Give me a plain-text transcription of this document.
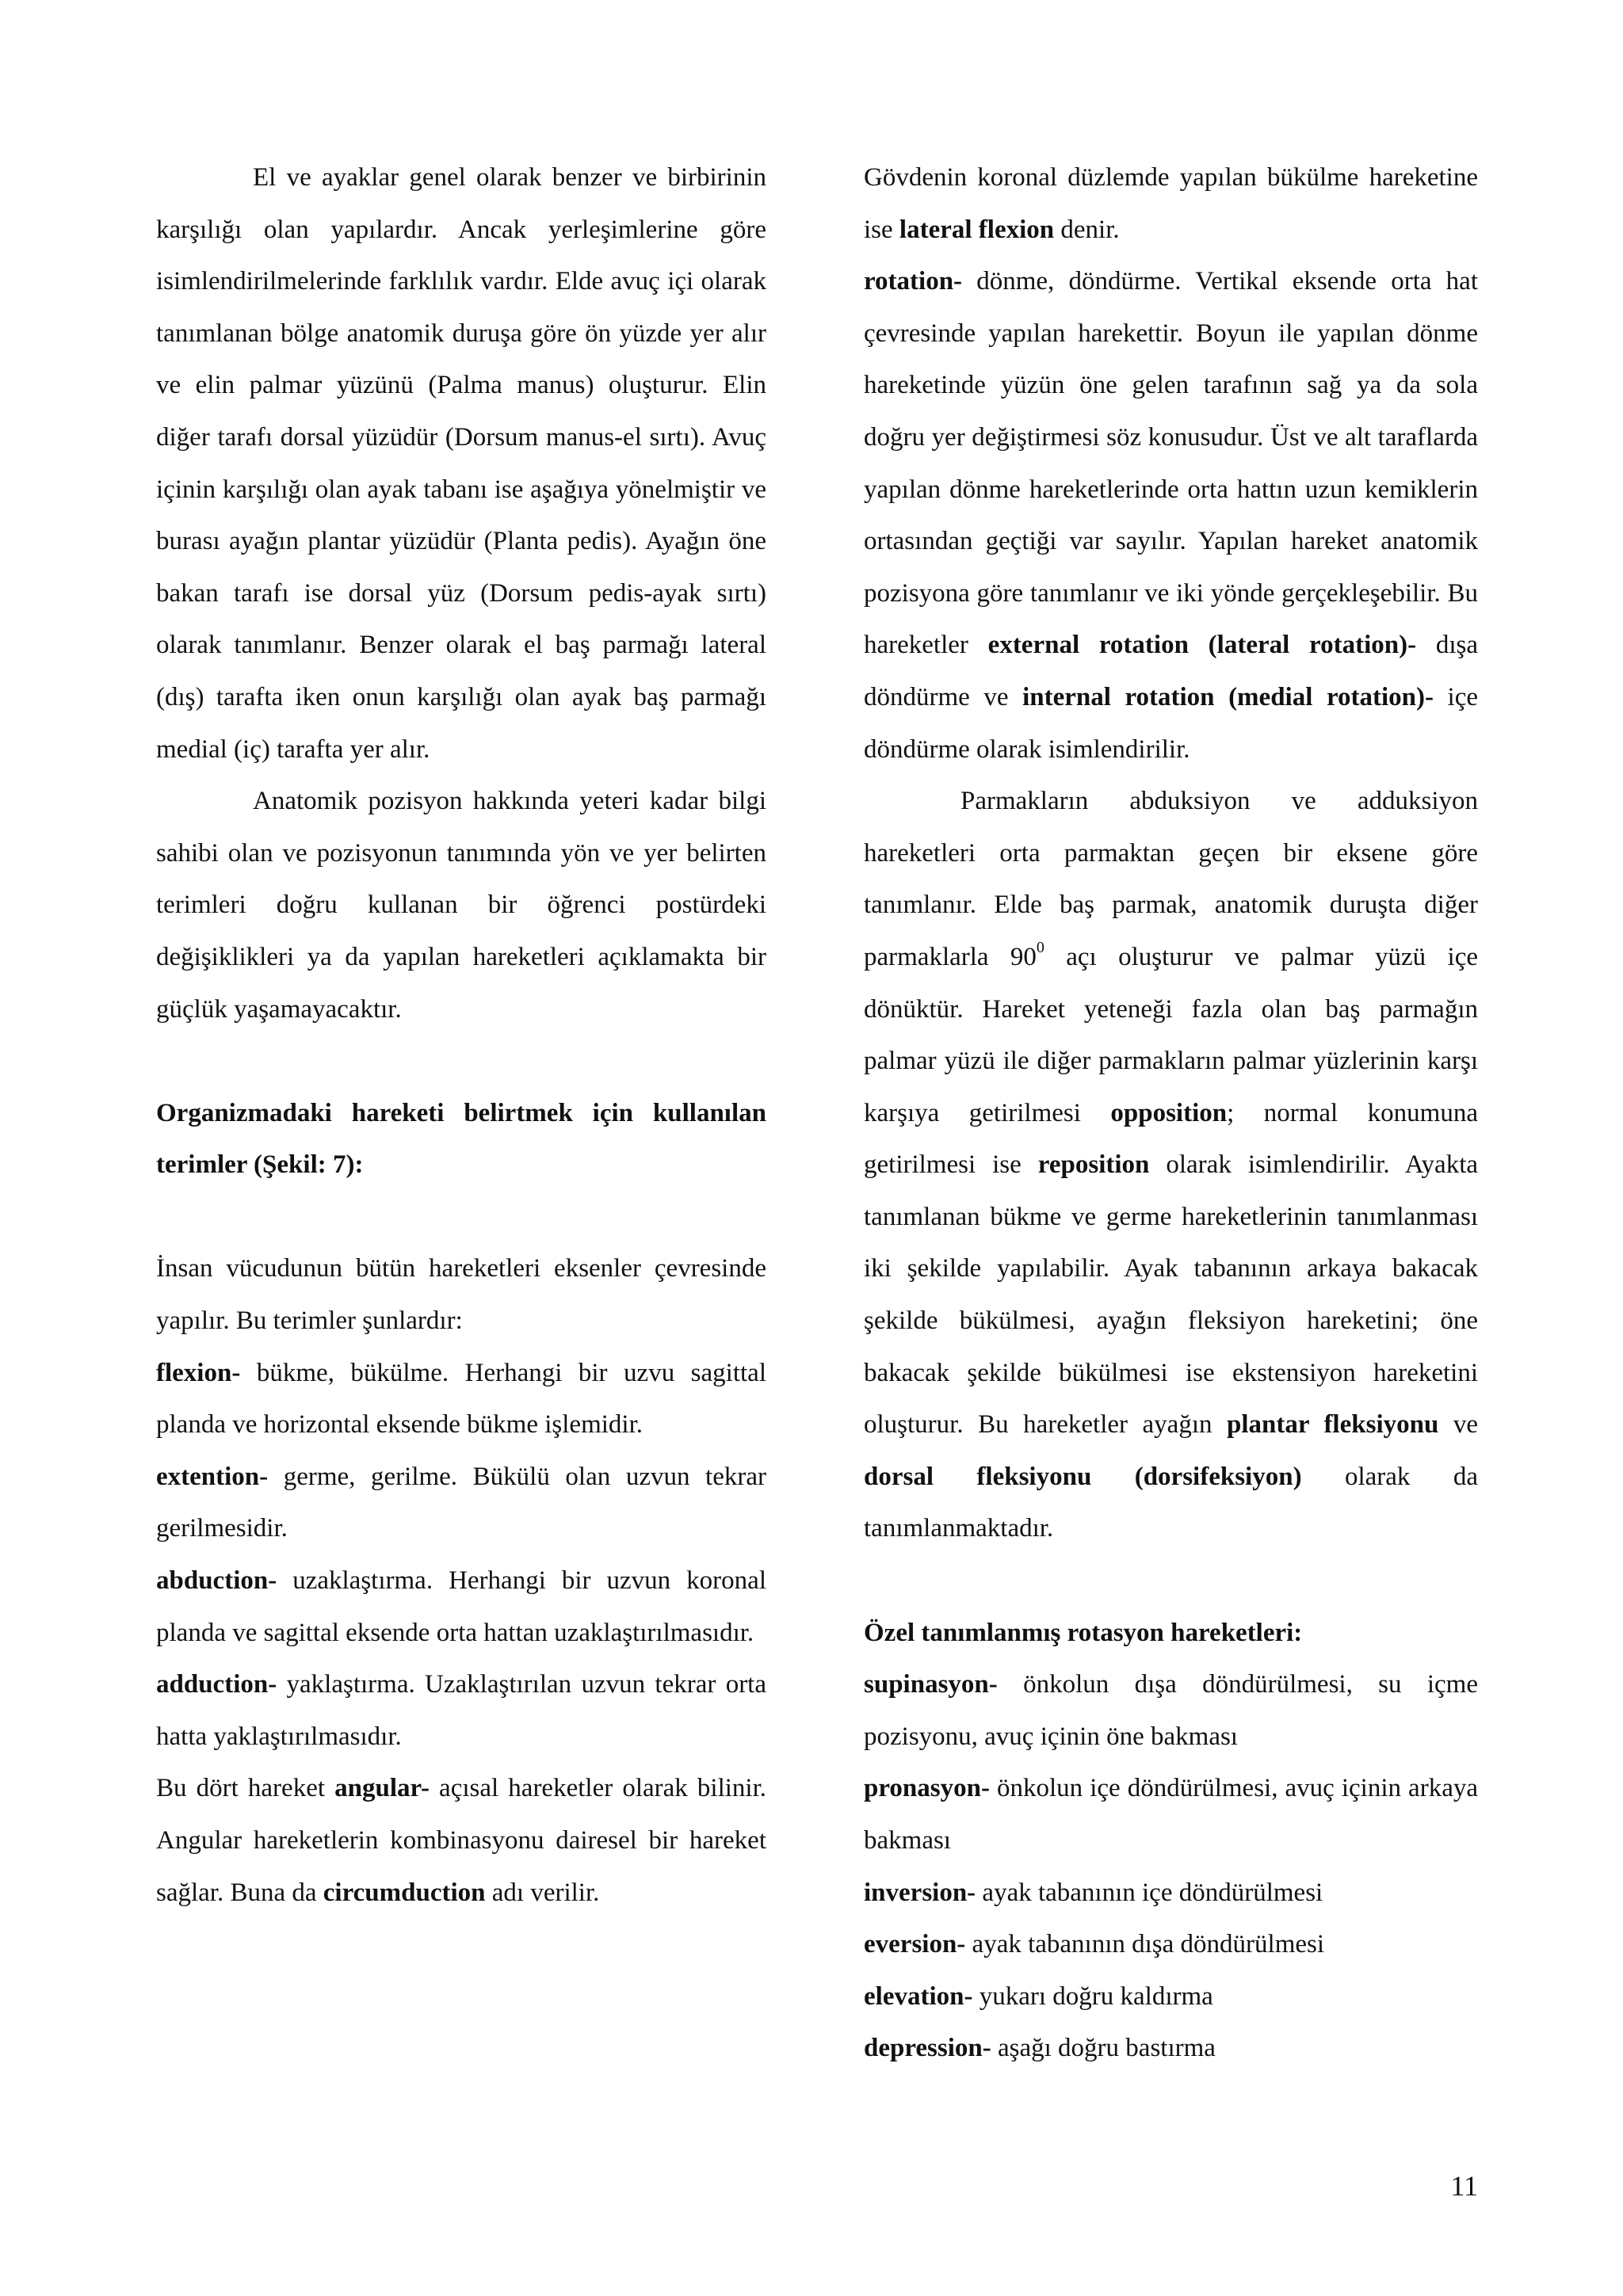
El ve ayaklar genel olarak benzer ve birbirinin karşılığı olan yapılardır. Ancak yerleşimlerine göre isimlendirilmelerinde farklılık vardır. Elde avuç içi olarak tanımlanan bölge anatomik duruşa göre ön yüzde yer alır ve elin palmar yüzünü (Palma manus) oluşturur. Elin diğer tarafı dorsal yüzüdür (Dorsum manus-el sırtı). Avuç içinin karşılığı olan ayak tabanı ise aşağıya yönelmiştir ve burası ayağın plantar yüzüdür (Planta pedis). Ayağın öne bakan tarafı ise dorsal yüz (Dorsum pedis-ayak sırtı) olarak tanımlanır. Benzer olarak el baş parmağı lateral (dış) tarafta iken onun karşılığı olan ayak baş parmağı medial (iç) tarafta yer alır.

Anatomik pozisyon hakkında yeteri kadar bilgi sahibi olan ve pozisyonun tanımında yön ve yer belirten terimleri doğru kullanan bir öğrenci postürdeki değişiklikleri ya da yapılan hareketleri açıklamakta bir güçlük yaşamayacaktır.

Organizmadaki hareketi belirtmek için kullanılan terimler (Şekil: 7):

İnsan vücudunun bütün hareketleri eksenler çevresinde yapılır. Bu terimler şunlardır:

flexion- bükme, bükülme. Herhangi bir uzvu sagittal planda ve horizontal eksende bükme işlemidir.

extention- germe, gerilme. Bükülü olan uzvun tekrar gerilmesidir.

abduction- uzaklaştırma. Herhangi bir uzvun koronal planda ve sagittal eksende orta hattan uzaklaştırılmasıdır.

adduction- yaklaştırma. Uzaklaştırılan uzvun tekrar orta hatta yaklaştırılmasıdır.

Bu dört hareket angular- açısal hareketler olarak bilinir. Angular hareketlerin kombinasyonu dairesel bir hareket sağlar. Buna da circumduction adı verilir.

Gövdenin koronal düzlemde yapılan bükülme hareketine ise lateral flexion denir.

rotation- dönme, döndürme. Vertikal eksende orta hat çevresinde yapılan harekettir. Boyun ile yapılan dönme hareketinde yüzün öne gelen tarafının sağ ya da sola doğru yer değiştirmesi söz konusudur. Üst ve alt taraflarda yapılan dönme hareketlerinde orta hattın uzun kemiklerin ortasından geçtiği var sayılır. Yapılan hareket anatomik pozisyona göre tanımlanır ve iki yönde gerçekleşebilir. Bu hareketler external rotation (lateral rotation)- dışa döndürme ve internal rotation (medial rotation)- içe döndürme olarak isimlendirilir.

Parmakların abduksiyon ve adduksiyon hareketleri orta parmaktan geçen bir eksene göre tanımlanır. Elde baş parmak, anatomik duruşta diğer parmaklarla $90^0$ açı oluşturur ve palmar yüzü içe dönüktür. Hareket yeteneği fazla olan baş parmağın palmar yüzü ile diğer parmakların palmar yüzlerinin karşı karşıya getirilmesi opposition; normal konumuna getirilmesi ise reposition olarak isimlendirilir. Ayakta tanımlanan bükme ve germe hareketlerinin tanımlanması iki şekilde yapılabilir. Ayak tabanının arkaya bakacak şekilde bükülmesi, ayağın fleksiyon hareketini; öne bakacak şekilde bükülmesi ise ekstensiyon hareketini oluşturur. Bu hareketler ayağın plantar fleksiyonu ve dorsal fleksiyonu (dorsifeksiyon) olarak da tanımlanmaktadır.

Özel tanımlanmış rotasyon hareketleri:

supinasyon- önkolun dışa döndürülmesi, su içme pozisyonu, avuç içinin öne bakması

pronasyon- önkolun içe döndürülmesi, avuç içinin arkaya bakması

inversion- ayak tabanının içe döndürülmesi

eversion- ayak tabanının dışa döndürülmesi

elevation- yukarı doğru kaldırma

depression- aşağı doğru bastırma

11
